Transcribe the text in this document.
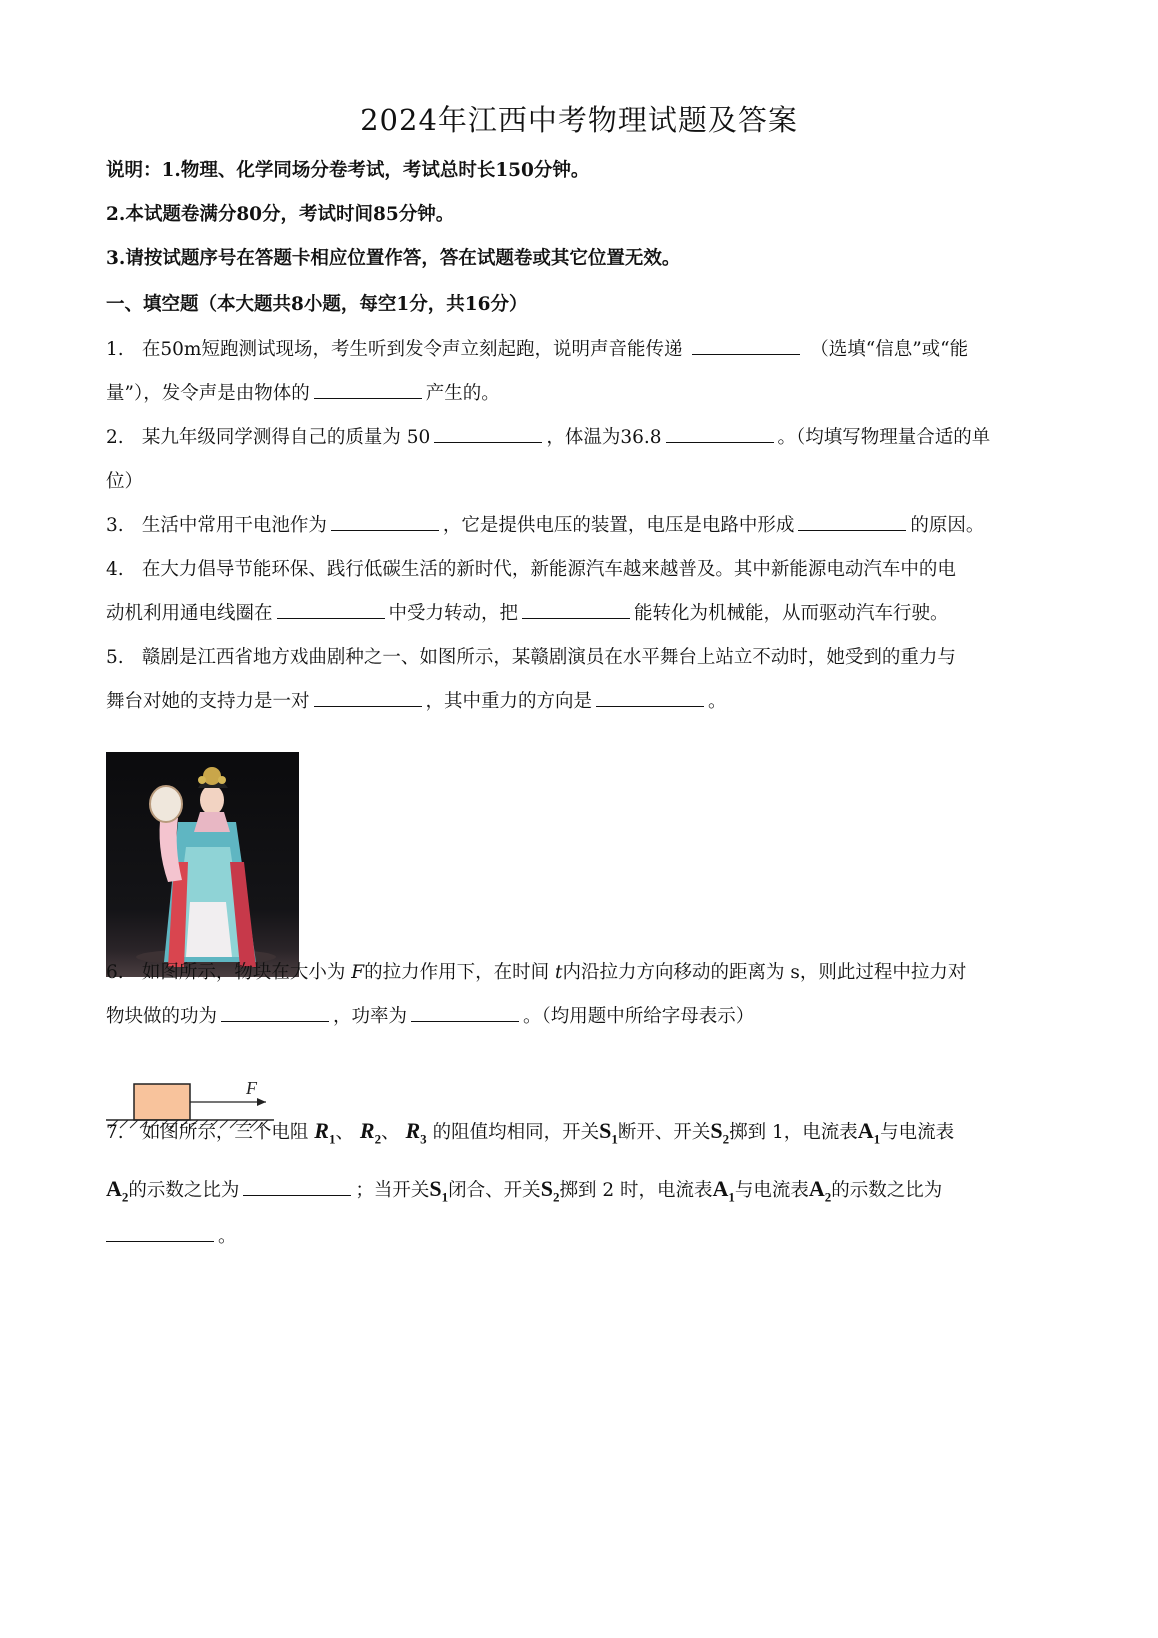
2024年江西中考物理试题及答案
说明：1.物理、化学同场分卷考试，考试总时长150分钟。
2.本试题卷满分80分，考试时间85分钟。
3.请按试题序号在答题卡相应位置作答，答在试题卷或其它位置无效。
一、填空题（本大题共8小题，每空1分，共16分）
1. 在50m短跑测试现场，考生听到发令声立刻起跑，说明声音能传递	（选填“信息”或“能
量”），发令声是由物体的	产生的。
2. 某九年级同学测得自己的质量为 50	，体温为36.8	。（均填写物理量合适的单
位）
3. 生活中常用干电池作为	，它是提供电压的装置，电压是电路中形成	的原因。
4. 在大力倡导节能环保、践行低碳生活的新时代，新能源汽车越来越普及。其中新能源电动汽车中的电
动机利用通电线圈在	中受力转动，把	能转化为机械能，从而驱动汽车行驶。
5. 赣剧是江西省地方戏曲剧种之一、如图所示，某赣剧演员在水平舞台上站立不动时，她受到的重力与
舞台对她的支持力是一对	，其中重力的方向是	。
6. 如图所示，物块在大小为 F的拉力作用下，在时间 t内沿拉力方向移动的距离为 s，则此过程中拉力对
物块做的功为	，功率为	。（均用题中所给字母表示）
F
7. 如图所示，三个电阻 $R_1$、 $R_2$、 $R_3$ 的阻值均相同，开关$S_1$断开、开关$S_2$掷到 1，电流表$A_1$与电流表
$A_2$的示数之比为	；当开关$S_1$闭合、开关$S_2$掷到 2 时，电流表$A_1$与电流表$A_2$的示数之比为
。
